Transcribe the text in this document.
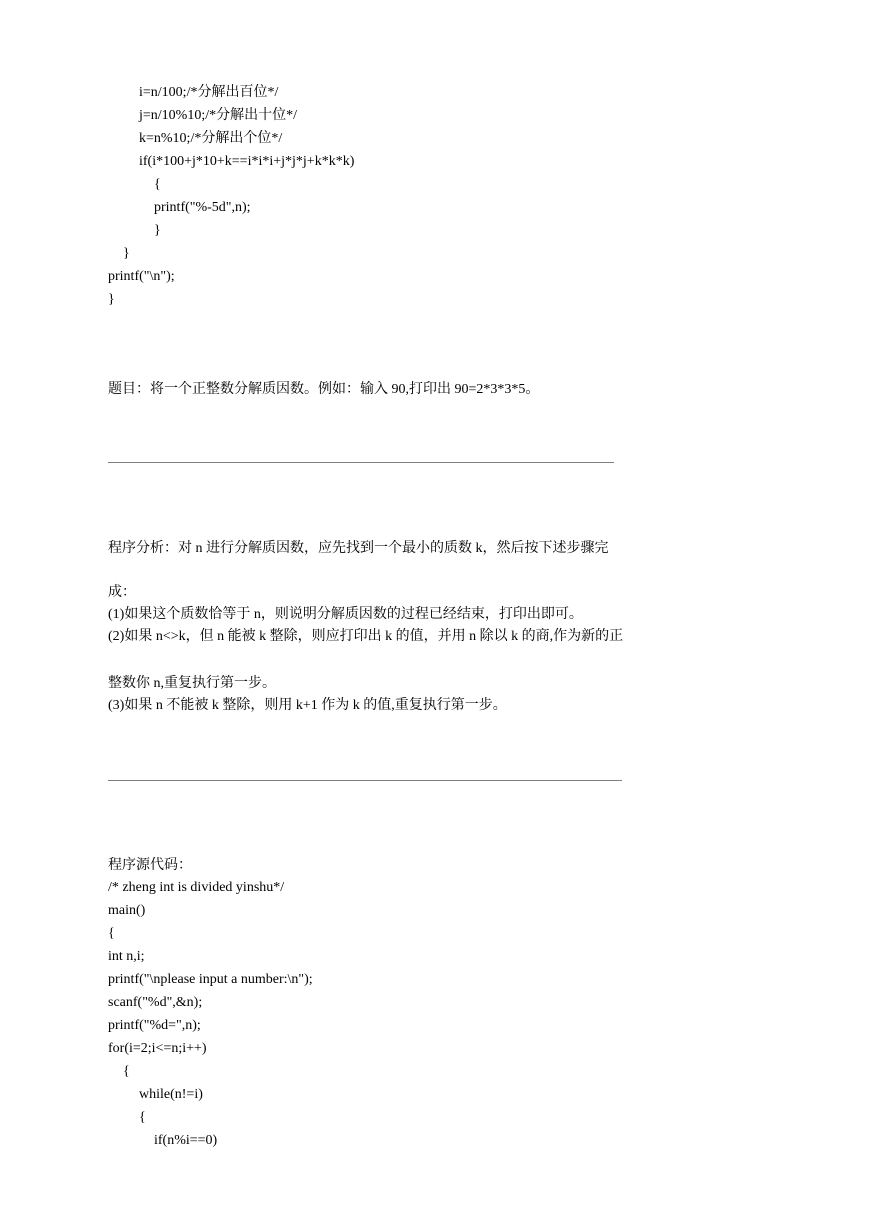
i=n/100;/*分解出百位*/
j=n/10%10;/*分解出十位*/
k=n%10;/*分解出个位*/
if(i*100+j*10+k==i*i*i+j*j*j+k*k*k)
{
printf("%-5d",n);
}
}
printf("\n");
}
题目：将一个正整数分解质因数。例如：输入 90,打印出 90=2*3*3*5。
程序分析：对 n 进行分解质因数，应先找到一个最小的质数 k，然后按下述步骤完
成：
(1)如果这个质数恰等于 n，则说明分解质因数的过程已经结束，打印出即可。
(2)如果 n<>k，但 n 能被 k 整除，则应打印出 k 的值，并用 n 除以 k 的商,作为新的正
整数你 n,重复执行第一步。
(3)如果 n 不能被 k 整除，则用 k+1 作为 k 的值,重复执行第一步。
程序源代码：
/* zheng int is divided yinshu*/
main()
{
int n,i;
printf("\nplease input a number:\n");
scanf("%d",&n);
printf("%d=",n);
for(i=2;i<=n;i++)
{
while(n!=i)
{
if(n%i==0)
